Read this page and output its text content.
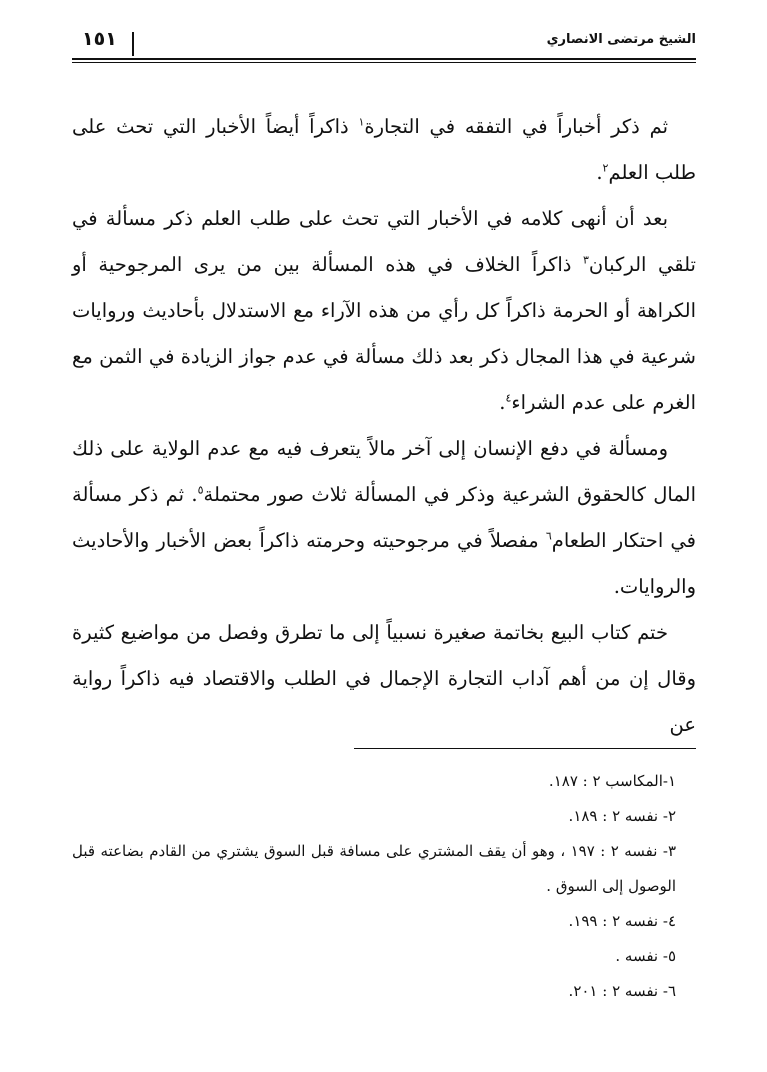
الشيخ مرتضى الانصاري
١٥١

ثم ذكر أخباراً في التفقه في التجارة$^١$ ذاكراً أيضاً الأخبار التي تحث على طلب العلم$^٢$.

بعد أن أنهى كلامه في الأخبار التي تحث على طلب العلم ذكر مسألة في تلقي الركبان$^٣$ ذاكراً الخلاف في هذه المسألة بين من يرى المرجوحية أو الكراهة أو الحرمة ذاكراً كل رأي من هذه الآراء مع الاستدلال بأحاديث وروايات شرعية في هذا المجال ذكر بعد ذلك مسألة في عدم جواز الزيادة في الثمن مع الغرم على عدم الشراء$^٤$.

ومسألة في دفع الإنسان إلى آخر مالاً يتعرف فيه مع عدم الولاية على ذلك المال كالحقوق الشرعية وذكر في المسألة ثلاث صور محتملة$^٥$. ثم ذكر مسألة في احتكار الطعام$^٦$ مفصلاً في مرجوحيته وحرمته ذاكراً بعض الأخبار والأحاديث والروايات.

ختم كتاب البيع بخاتمة صغيرة نسبياً إلى ما تطرق وفصل من مواضيع كثيرة وقال إن من أهم آداب التجارة الإجمال في الطلب والاقتصاد فيه ذاكراً رواية عن

١-المكاسب ٢ : ١٨٧.

٢- نفسه ٢ : ١٨٩.

٣- نفسه ٢ : ١٩٧ ، وهو أن يقف المشتري على مسافة قبل السوق يشتري من القادم بضاعته قبل الوصول إلى السوق .

٤- نفسه ٢ : ١٩٩.

٥- نفسه .

٦- نفسه ٢ : ٢٠١.
